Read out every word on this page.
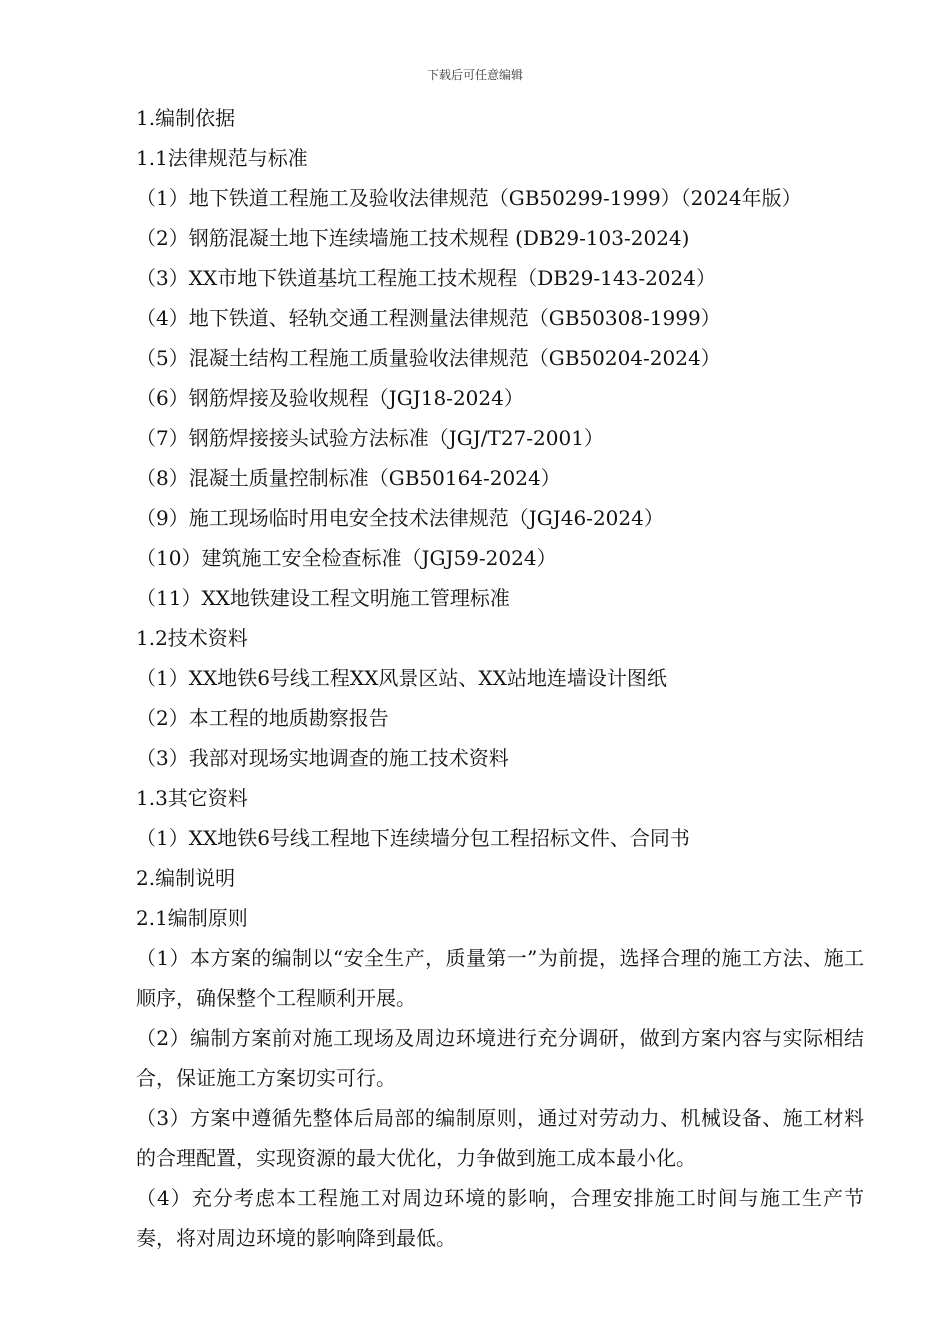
下载后可任意编辑
1.编制依据
1.1法律规范与标准
（1）地下铁道工程施工及验收法律规范（GB50299-1999）（2024年版）
（2）钢筋混凝土地下连续墙施工技术规程 (DB29-103-2024)
（3）XX市地下铁道基坑工程施工技术规程（DB29-143-2024）
（4）地下铁道、轻轨交通工程测量法律规范（GB50308-1999）
（5）混凝土结构工程施工质量验收法律规范（GB50204-2024）
（6）钢筋焊接及验收规程（JGJ18-2024）
（7）钢筋焊接接头试验方法标准（JGJ/T27-2001）
（8）混凝土质量控制标准（GB50164-2024）
（9）施工现场临时用电安全技术法律规范（JGJ46-2024）
（10）建筑施工安全检查标准（JGJ59-2024）
（11）XX地铁建设工程文明施工管理标准
1.2技术资料
（1）XX地铁6号线工程XX风景区站、XX站地连墙设计图纸
（2）本工程的地质勘察报告
（3）我部对现场实地调查的施工技术资料
1.3其它资料
（1）XX地铁6号线工程地下连续墙分包工程招标文件、合同书
2.编制说明
2.1编制原则
（1）本方案的编制以“安全生产，质量第一”为前提，选择合理的施工方法、施工顺序，确保整个工程顺利开展。
（2）编制方案前对施工现场及周边环境进行充分调研，做到方案内容与实际相结合，保证施工方案切实可行。
（3）方案中遵循先整体后局部的编制原则，通过对劳动力、机械设备、施工材料的合理配置，实现资源的最大优化，力争做到施工成本最小化。
（4）充分考虑本工程施工对周边环境的影响，合理安排施工时间与施工生产节奏，将对周边环境的影响降到最低。
